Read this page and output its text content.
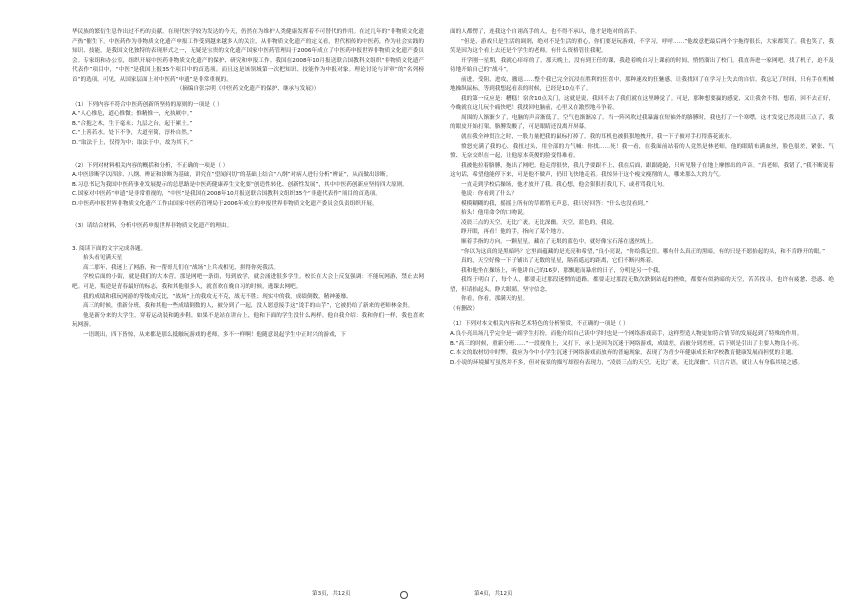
华民族的繁衍生息作出过不朽的贡献，在现代医学较为发达的今天，仍然在为维护人类健康发挥着不可替代的作用。在过几年的“非物质文化遗产热”催生下，中医药作为非物质文化遗产申报工作受到越来越多人的关注，从非物质文化遗产的定义看，世代相传的中医药，作为社会实践的知识、技能，是我国文化独特的表现形式之一，无疑是宝贵的文化遗产国家中医药管理局于2006年成立了中医药申报世界非物质文化遗产委员会。专家组和办公室，组织开展中医药非物质文化遗产的保护、研究和申报工作。我国在2008年10月报送联合国教科文组织“非物质文化遗产代表作”项目中，“中医”是我国上报35个项目中的首选项。而且这是该领域第一次把知识、技能作为申报对象。理论讨论与评审“的”名列榜首“的选项。可见，从国家层面上对中医药“申遗”是非常重视的。

（摘编自张宗明《中医药文化遗产的保护、继承与发展》）

（1）下列内容不符合中医药创新所坚持的原则的一项是（ ）

A.“人心惟危，道心惟微；惟精惟一，允执厥中。”

B.“合抱之木，生于毫末；九层之台，起于累土。”

C.“上善若水。处下不争，大道至简，淳朴自然。”

D.“取法于上，仅得为中；取法于中，故为其下。”

（2）下列对材料相关内容的概括和分析，不正确的一项是（ ）

A.中医诊断学以四诊、八纲、辨证和诊断为基础，讲究在“望闻问切”的基础上结合“八纲”对病人进行分析“辨证”，从而做出诊断。

B.习总书记为我国中医药事业发展提示的总思路是中医药健康养生文化要“创造性转化、创新性发展”，其中中医药创新应坚持四大原则。

C.国家对中医药“申遗”是非常重视的，“中医”是我国在2008年10月报送联合国教科文组织35个“非遗代表作”项目的首选项。

D.中医药申报世界非物质文化遗产工作由国家中医药管理局于2006年成立的申报世界非物质文化遗产委员会负责组织开展。

（3）请结合材料，分析中医药申报世界非物质文化遗产的理由。

3. 阅读下面的文字完成各题。

抬头看见满天星

高二那年，我迷上了网游，和一帮哥儿们在“战场”上兵戎相见，拼得你死我活。

学校后面的小街，就是我们的大本营。那是网吧一条街，每到放学，就会涌进很多学生。校长在大会上反复强调：不能玩网游，禁止去网吧。可是，叛逆是青春最好的标志，我和其他很多人，就喜欢在晚自习的时候，逃课去网吧。

我的成绩和我玩网游的等级成反比，“战场”上的我攻无不克，战无不胜；现实中的我，成绩倒数，精神萎靡。

高三的时候，重新分班，我和其他一些成绩倒数的人，被分到了一起，没人愿意接手这“烫手的山芋”，它被扔给了新来的老师林金贵。

他是新分来的大学生，穿着运动装和跑步鞋，如果不是站在讲台上，他和下面的学生没什么两样。他自我介绍：我和你们一样，我也喜欢玩网游。

一语既出，四下皆惊，从来都是那么抵触玩游戏的老师，多不一样啊！他随意说起学生中正时兴的游戏，下

面的人都愣了，连我这个自诩高手的人，也不得不承认，他才是绝对的高手。

“但是，游戏只是生活的调剂，绝对不是生活的重心，你们要是玩游戏，不学习，呼呼……”他故意把最后两个字拖得很长，大家都笑了。我也笑了，我笑是因为这个看上去还是个学生的老师，有什么资格管住我呢。

开学刚一星期，我就心痒痒的了。那天晚上，没有到王任的课，我趁着晚自习上课前的时间，悄悄溜出了校门。我直奔进一家网吧，找了机子，迫不及待地开始自己的“战斗”。

前进，受阻，进攻，撤退……整个我已完全沉浸在胜利的狂喜中，那种速攻的狂魅感，让我找回了在学习上失去的自信。我忘记了时间，只有手在机械地操纵鼠标，等到我想起看表的时候，已经是10点半了。

我的第一反应是：糟糕！宿舍10点关门，这就是说，我回不去了我们就在这里睡觉了。可是，那种想要赢的感觉，又让我舍不得，想着，回不去正好，今晚就在这儿玩个痛快吧！我找回电脑前，心里又在激烈地斗争着。

周围的人渐渐少了，电脑的声音渐低了，空气也渐渐凉了。当一阵风吹过我暴露在短袖外的胳膊时，我也打了一个寒噤，这才发觉已然凌晨三点了，我的眼皮开始打架，胳膊发酸了，可是眼睛还没离开屏幕。

就在我全神贯注之时，一股力量把我的鼠标打掉了。我的耳机也被狠狠地拽开，我一下子被对手打得落花流水。

愤怒充满了我的心，我扭过头，用全部的力气喊：你找……死！我一看，在我面前站着的人竟然是林老师，他的眼睛布满血丝，脸色很差，紧张、气愤、无奈交织在一起，让他原本英俊的脸变得难看。

我被他拉着胳膊，拖出了网吧。他走得很快，我几乎要跟不上，我在后面，跟跟跄跄，只听见鞋子在地上摩擦出的声音。“真老师，我错了，”我不断说着这句话，希望他能停下来，可是他不做声，仍旧飞快地走着。我惊异于这个瘦文瘦削的人，哪来那么大的力气。

一直走到学校后操场，他才放开了我。我心想，他会狠狠打我几下，或者骂我几句。

他说：你看到了什么？

模模糊糊的我，摇摇上所有的草都悄无声息，我只好回答：“什么也没看到。”

抬头！他用命令的口吻说。

凌晨三点的天空，无比广袤，无比深幽。天空，蓝色的，我说。

睁开眼，再看！他的手，指向了某个地方。

顺着手指的方向，一颗星星，藏在了无垠的蓝色中，就好像宝石落在盛丝绒上。

“你以为这真的是黑暗吗？它里面蕴藏的是光亮和希望，”良小亮说，“你给我记住，哪有什么真正的黑暗，有的只是不愿抬起的头，和不肯睁开的眼。”

真的，天空好像一下子铺出了无数的星星，隔着遥远的距离，它们不断闪烁着。

我和他坐在操场上，听他讲自己的16岁，那飘逝而暴虐的日子，分明是另一个我。

我终于明白了，每个人，都要走过那段迷惘的道路。都要走过那段无数次跌倒站起的挫败，都要有似熟暗的天空，苦苦找寻，也许有疲惫、恐惑、绝望，但请抬起头，睁大眼睛，坚守信念。

你看，你看，那满天的星。

（有删改）

（1）下列对本文相关内容和艺术特色的分析鉴赏，不正确的一项是（ ）

A.良小亮出场几乎完全是一副学生打扮，而他介绍自己读中学时也是一个网络游戏高手，这样塑造人物更加符合情节的发展起到了特殊的作用。

B.“高三的时候，重新分班……”一段视角上，又打下，承上是因为沉迷于网络游戏，成绩差，而被分到差班，后下则是引出了主要人物良小亮。

C.本文的取材切中时弊，我应为今中小学生沉迷于网络游戏而放弃的普遍现象，表现了为青少年健康成长和学校教育健康发展而担忧的主题。

D.小说的环境描写虽然并不多，但对夜景的描写却很有表现力，“凌晨三点的天空，无比广袤，无比深幽”，只言片语，就让人有身临其境之感。

第3页，共12页	第4页，共12页
